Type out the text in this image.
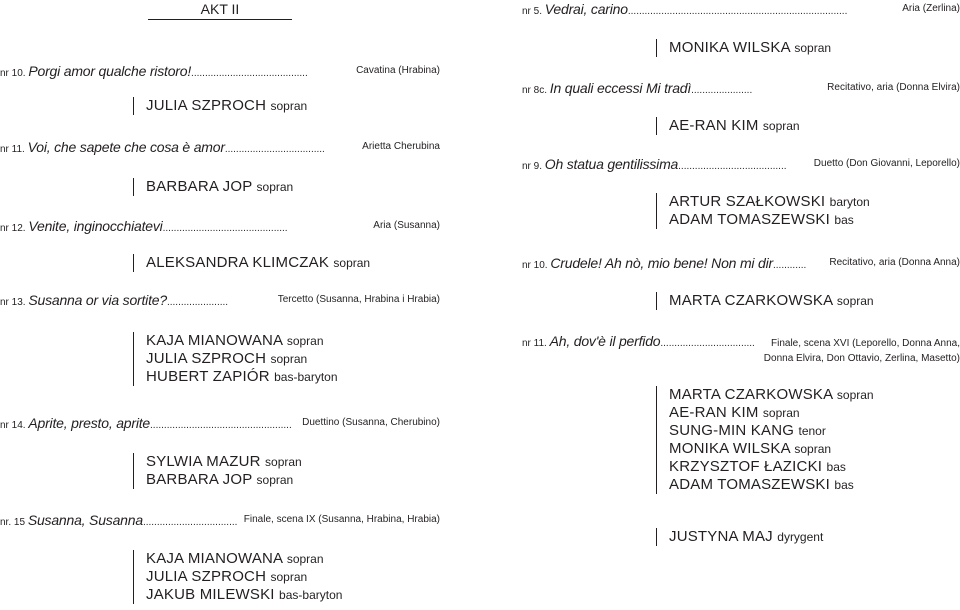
AKT II
nr 10. Porgi amor qualche ristoro!..........................................	Cavatina (Hrabina)
JULIA SZPROCH sopran
nr 11. Voi, che sapete che cosa è amor....................................	Arietta Cherubina
BARBARA JOP sopran
nr 12. Venite, inginocchiatevi.............................................	Aria (Susanna)
ALEKSANDRA KLIMCZAK sopran
nr 13. Susanna or via sortite?......................	Tercetto (Susanna, Hrabina i Hrabia)
KAJA MIANOWANA sopran
JULIA SZPROCH sopran
HUBERT ZAPIÓR bas-baryton
nr 14. Aprite, presto, aprite................................................... Duettino (Susanna, Cherubino)
SYLWIA MAZUR sopran
BARBARA JOP sopran
nr. 15 Susanna, Susanna.................................. Finale, scena IX (Susanna, Hrabina, Hrabia)
KAJA MIANOWANA sopran
JULIA SZPROCH sopran
JAKUB MILEWSKI bas-baryton
nr 5. Vedrai, carino...............................................................................	Aria (Zerlina)
MONIKA WILSKA sopran
nr 8c. In quali eccessi Mi tradì......................	Recitativo, aria (Donna Elvira)
AE-RAN KIM sopran
nr 9. Oh statua gentilissima.......................................	Duetto (Don Giovanni, Leporello)
ARTUR SZAŁKOWSKI baryton
ADAM TOMASZEWSKI bas
nr 10. Crudele! Ah nò, mio bene! Non mi dir............ Recitativo, aria (Donna Anna)
MARTA CZARKOWSKA sopran
nr 11. Ah, dov'è il perfido..................................	Finale, scena XVI (Leporello, Donna Anna, Donna Elvira, Don Ottavio, Zerlina, Masetto)
MARTA CZARKOWSKA sopran
AE-RAN KIM sopran
SUNG-MIN KANG tenor
MONIKA WILSKA sopran
KRZYSZTOF ŁAZICKI bas
ADAM TOMASZEWSKI bas
JUSTYNA MAJ dyrygent
